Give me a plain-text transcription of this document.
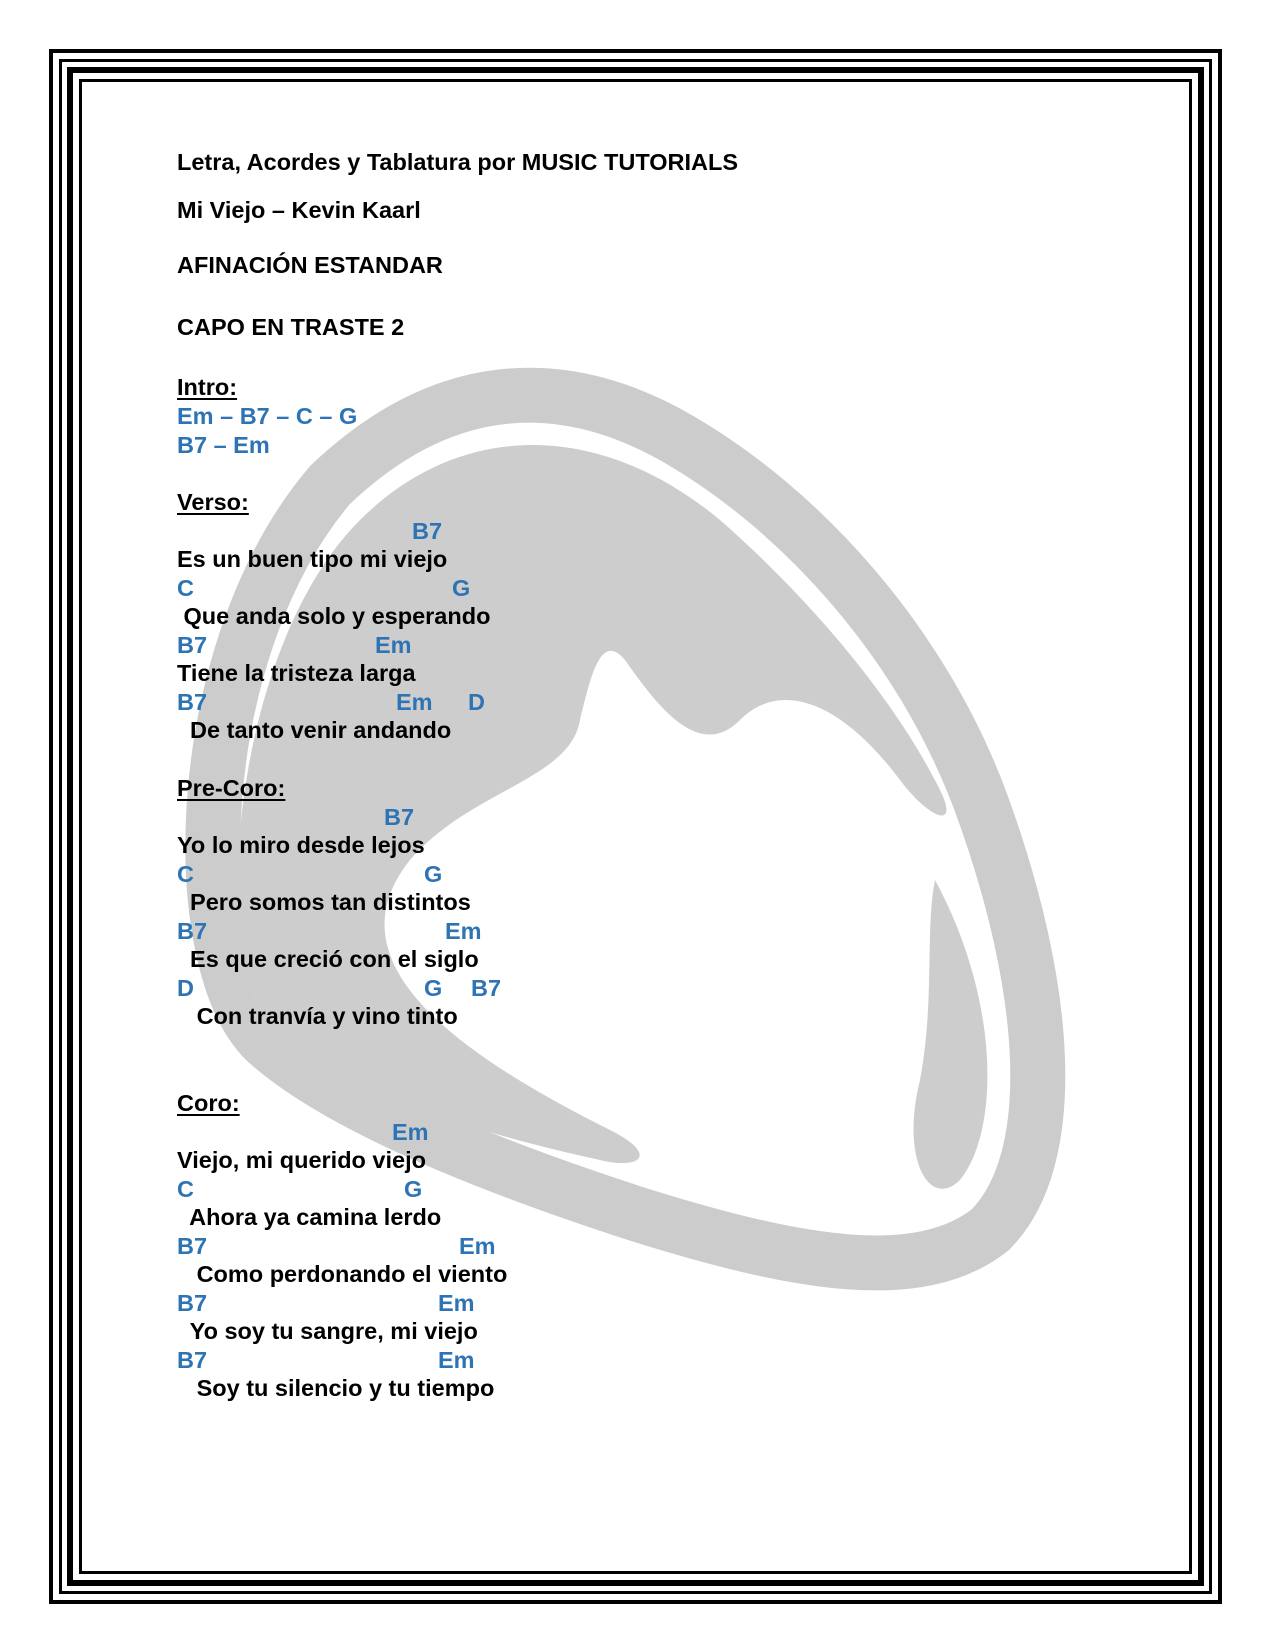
Letra, Acordes y Tablatura por MUSIC TUTORIALS
Mi Viejo – Kevin Kaarl
AFINACIÓN ESTANDAR
CAPO EN TRASTE 2
Intro:
Em – B7 – C – G
B7 – Em
Verso:
B7
Es un buen tipo mi viejo
C	G
Que anda solo y esperando
B7	Em
Tiene la tristeza larga
B7	Em D
De tanto venir andando
Pre-Coro:
B7
Yo lo miro desde lejos
C	G
Pero somos tan distintos
B7	Em
Es que creció con el siglo
D	G B7
Con tranvía y vino tinto
Coro:
Em
Viejo, mi querido viejo
C	G
Ahora ya camina lerdo
B7	Em
Como perdonando el viento
B7	Em
Yo soy tu sangre, mi viejo
B7	Em
Soy tu silencio y tu tiempo
